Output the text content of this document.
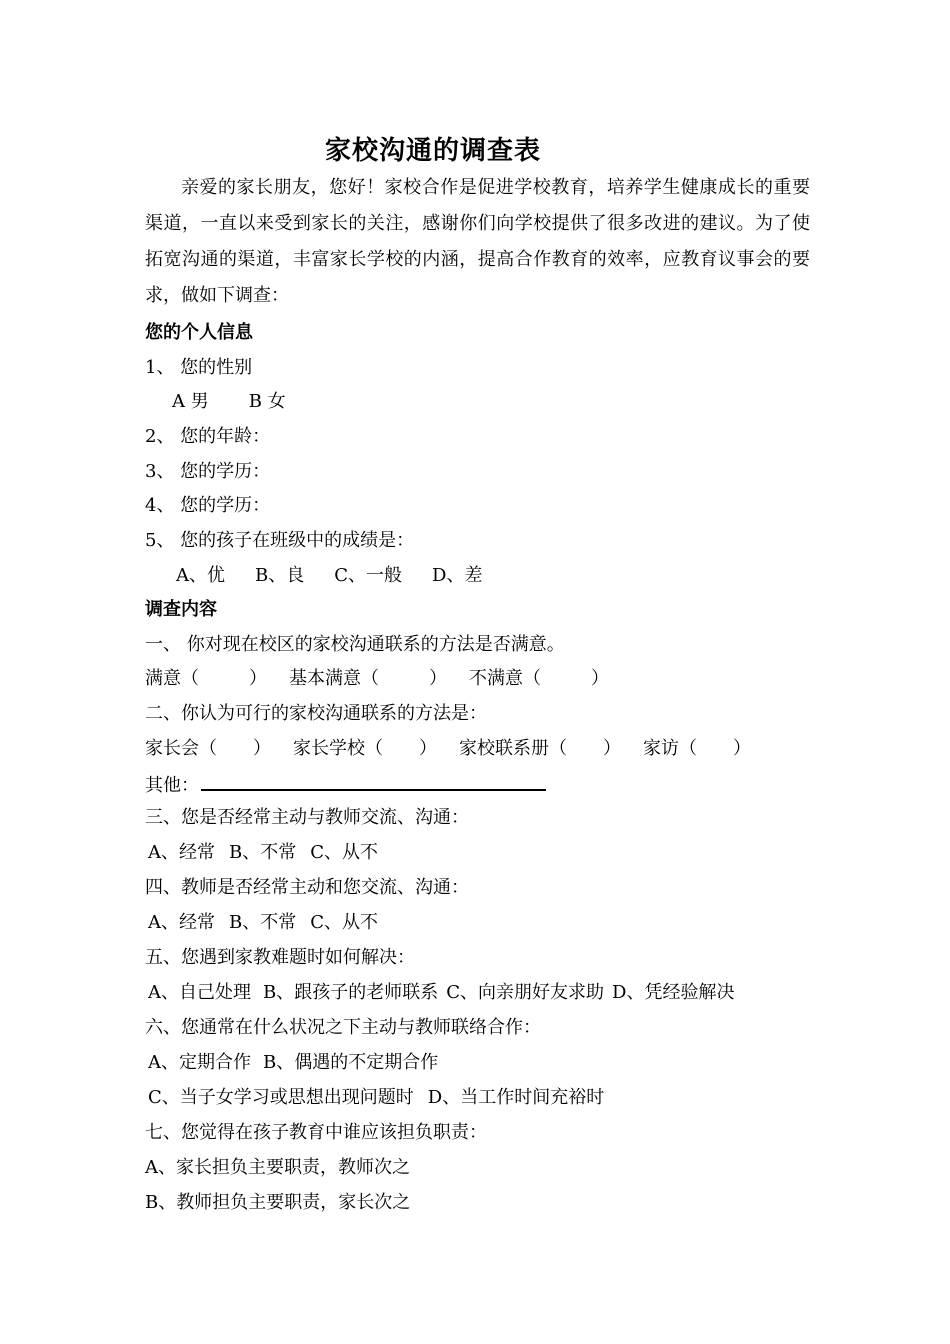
家校沟通的调查表
亲爱的家长朋友，您好！家校合作是促进学校教育，培养学生健康成长的重要渠道，一直以来受到家长的关注，感谢你们向学校提供了很多改进的建议。为了使拓宽沟通的渠道，丰富家长学校的内涵，提高合作教育的效率，应教育议事会的要求，做如下调查：
您的个人信息
1、 您的性别
A 男 B 女
2、 您的年龄：
3、 您的学历：
4、 您的学历：
5、 您的孩子在班级中的成绩是：
A、优 B、良 C、一般 D、差
调查内容
一、 你对现在校区的家校沟通联系的方法是否满意。
满意（	） 基本满意（	） 不满意（	）
二、你认为可行的家校沟通联系的方法是：
家长会（ ） 家长学校（ ） 家校联系册（ ） 家访（ ）
其他：
三、您是否经常主动与教师交流、沟通：
A、经常 B、不常 C、从不
四、教师是否经常主动和您交流、沟通：
A、经常 B、不常 C、从不
五、您遇到家教难题时如何解决：
A、自己处理 B、跟孩子的老师联系 C、向亲朋好友求助 D、凭经验解决
六、您通常在什么状况之下主动与教师联络合作：
A、定期合作 B、偶遇的不定期合作
C、当子女学习或思想出现问题时 D、当工作时间充裕时
七、您觉得在孩子教育中谁应该担负职责：
A、家长担负主要职责，教师次之
B、教师担负主要职责，家长次之
